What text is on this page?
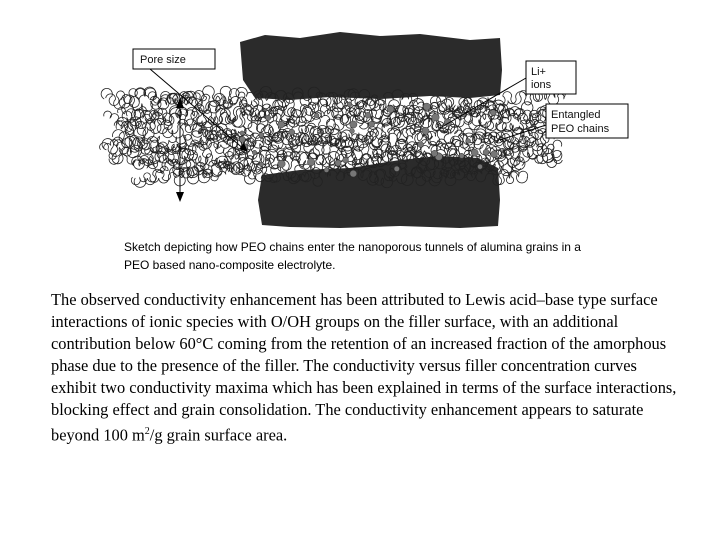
Pore size
Li+
ions
Entangled
PEO chains
Sketch depicting how PEO chains enter the nanoporous tunnels of alumina grains in a
PEO based nano-composite electrolyte.

The observed conductivity enhancement has been attributed to Lewis acid–base type surface interactions of ionic species with O/OH groups on the filler surface, with an additional contribution below 60°C coming from the retention of an increased fraction of the amorphous phase due to the presence of the filler. The conductivity versus filler concentration curves exhibit two conductivity maxima which has been explained in terms of the surface interactions, blocking effect and grain consolidation. The conductivity enhancement appears to saturate beyond 100 $m^2/g$ grain surface area.
